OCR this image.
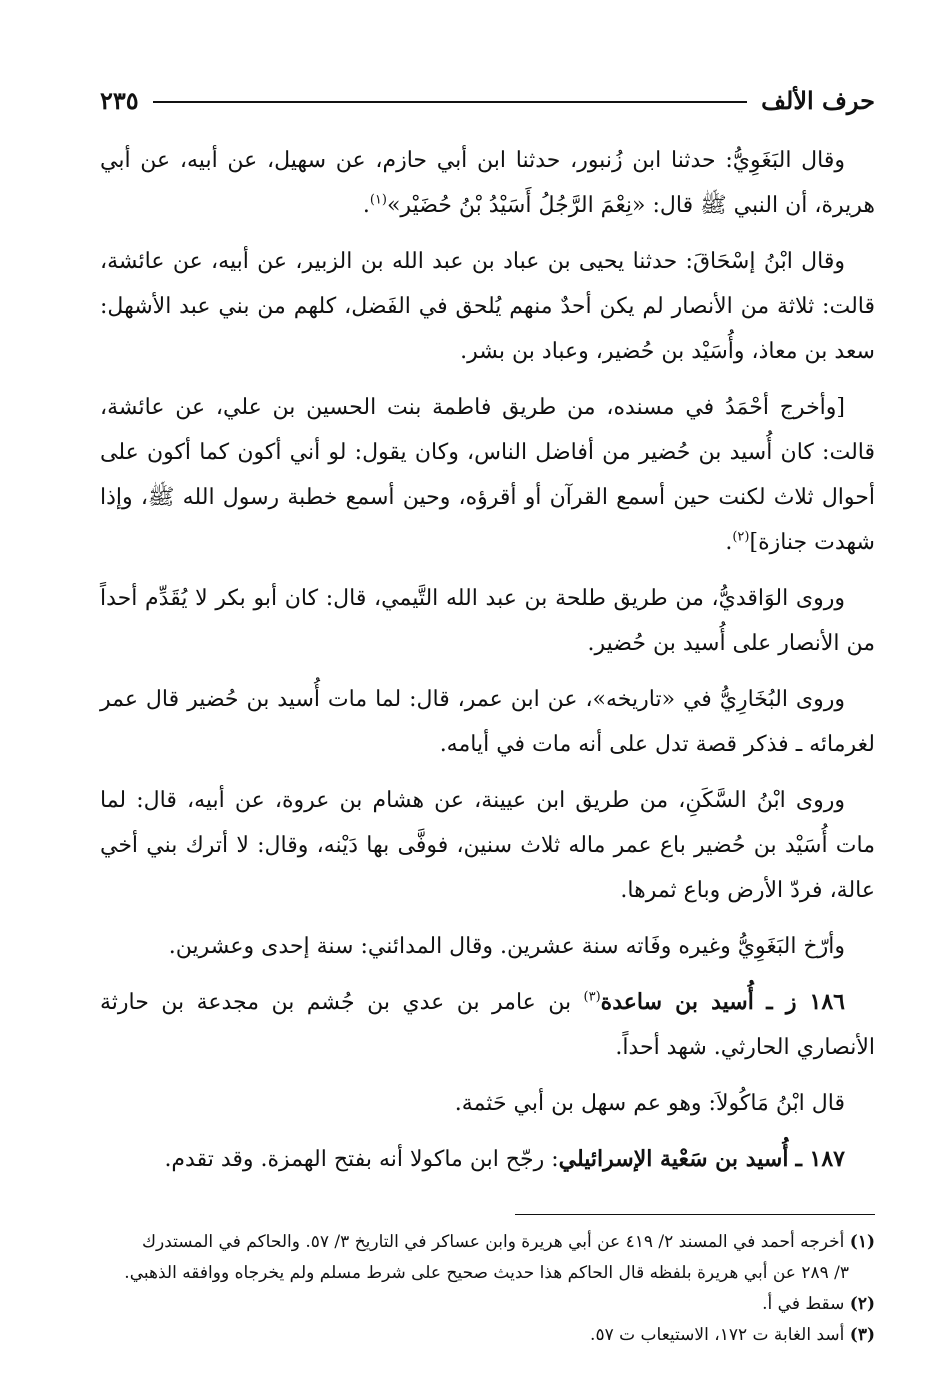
حرف الألف
٢٣٥

وقال البَغَوِيُّ: حدثنا ابن زُنبور، حدثنا ابن أبي حازم، عن سهيل، عن أبيه، عن أبي هريرة، أن النبي ﷺ قال: «نِعْمَ الرَّجُلُ أَسَيْدُ بْنُ حُضَيْر»$^{(١)}$.

وقال ابْنُ إسْحَاقَ: حدثنا يحيى بن عباد بن عبد الله بن الزبير، عن أبيه، عن عائشة، قالت: ثلاثة من الأنصار لم يكن أحدٌ منهم يُلحق في الفَضل، كلهم من بني عبد الأشهل: سعد بن معاذ، وأُسَيْد بن حُضير، وعباد بن بشر.

[وأخرج أحْمَدُ في مسنده، من طريق فاطمة بنت الحسين بن علي، عن عائشة، قالت: كان أُسيد بن حُضير من أفاضل الناس، وكان يقول: لو أني أكون كما أكون على أحوال ثلاث لكنت حين أسمع القرآن أو أقرؤه، وحين أسمع خطبة رسول الله ﷺ، وإذا شهدت جنازة]$^{(٢)}$.

وروى الوَاقديُّ، من طريق طلحة بن عبد الله التَّيمي، قال: كان أبو بكر لا يُقَدِّم أحداً من الأنصار على أُسيد بن حُضير.

وروى البُخَارِيُّ في «تاريخه»، عن ابن عمر، قال: لما مات أُسيد بن حُضير قال عمر لغرمائه ـ فذكر قصة تدل على أنه مات في أيامه.

وروى ابْنُ السَّكَنِ، من طريق ابن عيينة، عن هشام بن عروة، عن أبيه، قال: لما مات أُسَيْد بن حُضير باع عمر ماله ثلاث سنين، فوفَّى بها دَيْنه، وقال: لا أترك بني أخي عالة، فردّ الأرض وباع ثمرها.

وأرّخ البَغَوِيُّ وغيره وفَاته سنة عشرين. وقال المدائني: سنة إحدى وعشرين.

١٨٦ ز ـ أُسيد بن ساعدة$^{(٣)}$ بن عامر بن عدي بن جُشم بن مجدعة بن حارثة الأنصاري الحارثي. شهد أحداً.

قال ابْنُ مَاكُولاَ: وهو عم سهل بن أبي حَثمة.

١٨٧ ـ أُسيد بن سَعْية الإسرائيلي: رجّح ابن ماكولا أنه بفتح الهمزة. وقد تقدم.

(١) أخرجه أحمد في المسند ٢/ ٤١٩ عن أبي هريرة وابن عساكر في التاريخ ٣/ ٥٧. والحاكم في المستدرك

٣/ ٢٨٩ عن أبي هريرة بلفظه قال الحاكم هذا حديث صحيح على شرط مسلم ولم يخرجاه ووافقه الذهبي.

(٢) سقط في أ.

(٣) أسد الغابة ت ١٧٢، الاستيعاب ت ٥٧.
